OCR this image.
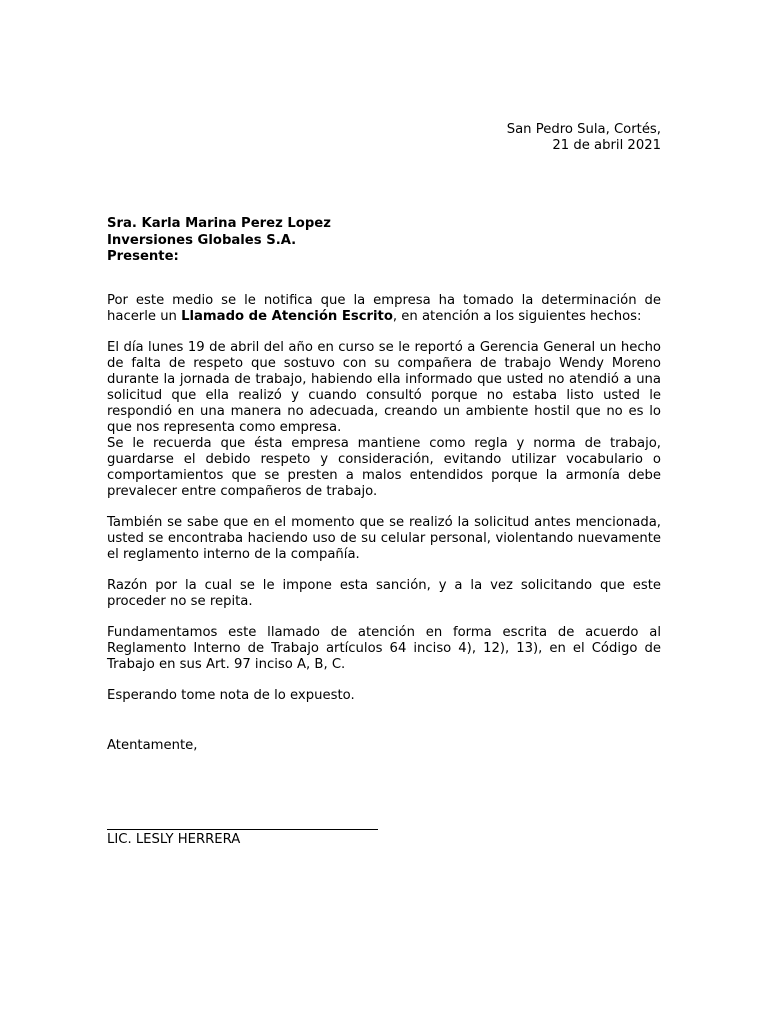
San Pedro Sula, Cortés,
21 de abril 2021
Sra. Karla Marina Perez Lopez
Inversiones Globales S.A.
Presente:

Por este medio se le notifica que la empresa ha tomado la determinación de hacerle un Llamado de Atención Escrito, en atención a los siguientes hechos:

El día lunes 19 de abril del año en curso se le reportó a Gerencia General un hecho de falta de respeto que sostuvo con su compañera de trabajo Wendy Moreno durante la jornada de trabajo, habiendo ella informado que usted no atendió a una solicitud que ella realizó y cuando consultó porque no estaba listo usted le respondió en una manera no adecuada, creando un ambiente hostil que no es lo que nos representa como empresa.

Se le recuerda que ésta empresa mantiene como regla y norma de trabajo, guardarse el debido respeto y consideración, evitando utilizar vocabulario o comportamientos que se presten a malos entendidos porque la armonía debe prevalecer entre compañeros de trabajo.

También se sabe que en el momento que se realizó la solicitud antes mencionada, usted se encontraba haciendo uso de su celular personal, violentando nuevamente el reglamento interno de la compañía.

Razón por la cual se le impone esta sanción, y a la vez solicitando que este proceder no se repita.

Fundamentamos este llamado de atención en forma escrita de acuerdo al Reglamento Interno de Trabajo artículos 64 inciso 4), 12), 13), en el Código de Trabajo en sus Art. 97 inciso A, B, C.

Esperando tome nota de lo expuesto.

Atentamente,
LIC. LESLY HERRERA
